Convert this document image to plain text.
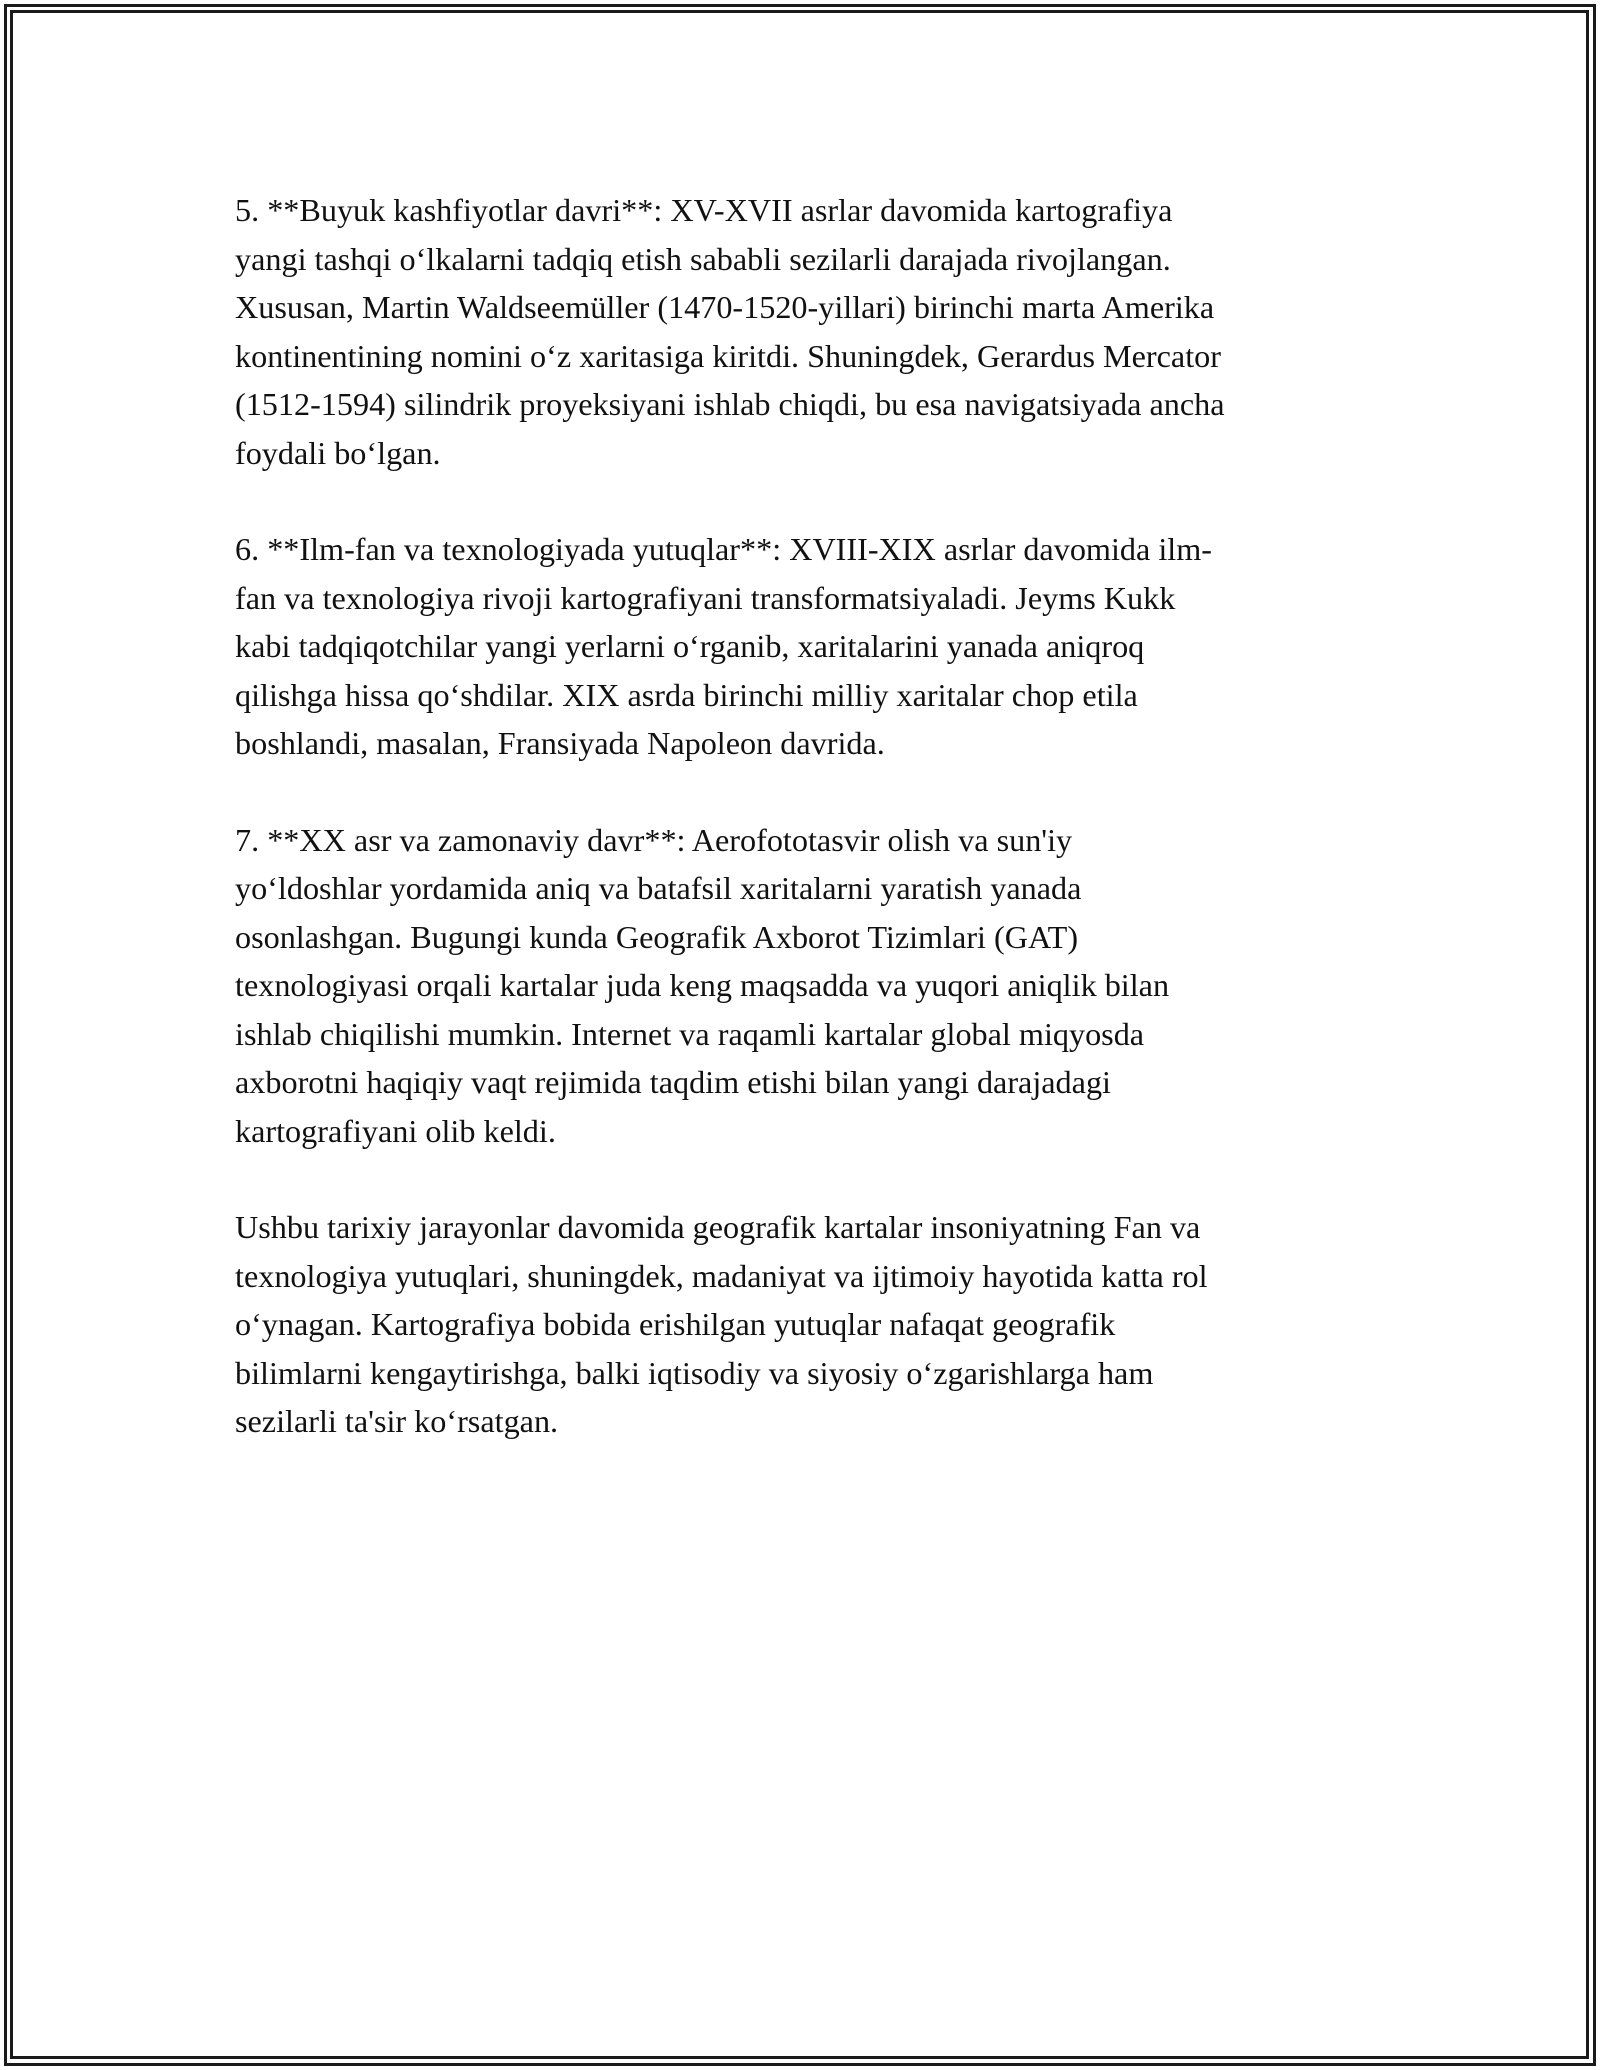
5. **Buyuk kashfiyotlar davri**: XV-XVII asrlar davomida kartografiya
yangi tashqi o‘lkalarni tadqiq etish sababli sezilarli darajada rivojlangan.
Xususan, Martin Waldseemüller (1470-1520-yillari) birinchi marta Amerika
kontinentining nomini o‘z xaritasiga kiritdi. Shuningdek, Gerardus Mercator
(1512-1594) silindrik proyeksiyani ishlab chiqdi, bu esa navigatsiyada ancha
foydali bo‘lgan.

6. **Ilm-fan va texnologiyada yutuqlar**: XVIII-XIX asrlar davomida ilm-
fan va texnologiya rivoji kartografiyani transformatsiyaladi. Jeyms Kukk
kabi tadqiqotchilar yangi yerlarni o‘rganib, xaritalarini yanada aniqroq
qilishga hissa qo‘shdilar. XIX asrda birinchi milliy xaritalar chop etila
boshlandi, masalan, Fransiyada Napoleon davrida.

7. **XX asr va zamonaviy davr**: Aerofototasvir olish va sun'iy
yo‘ldoshlar yordamida aniq va batafsil xaritalarni yaratish yanada
osonlashgan. Bugungi kunda Geografik Axborot Tizimlari (GAT)
texnologiyasi orqali kartalar juda keng maqsadda va yuqori aniqlik bilan
ishlab chiqilishi mumkin. Internet va raqamli kartalar global miqyosda
axborotni haqiqiy vaqt rejimida taqdim etishi bilan yangi darajadagi
kartografiyani olib keldi.

Ushbu tarixiy jarayonlar davomida geografik kartalar insoniyatning Fan va
texnologiya yutuqlari, shuningdek, madaniyat va ijtimoiy hayotida katta rol
o‘ynagan. Kartografiya bobida erishilgan yutuqlar nafaqat geografik
bilimlarni kengaytirishga, balki iqtisodiy va siyosiy o‘zgarishlarga ham
sezilarli ta'sir ko‘rsatgan.
